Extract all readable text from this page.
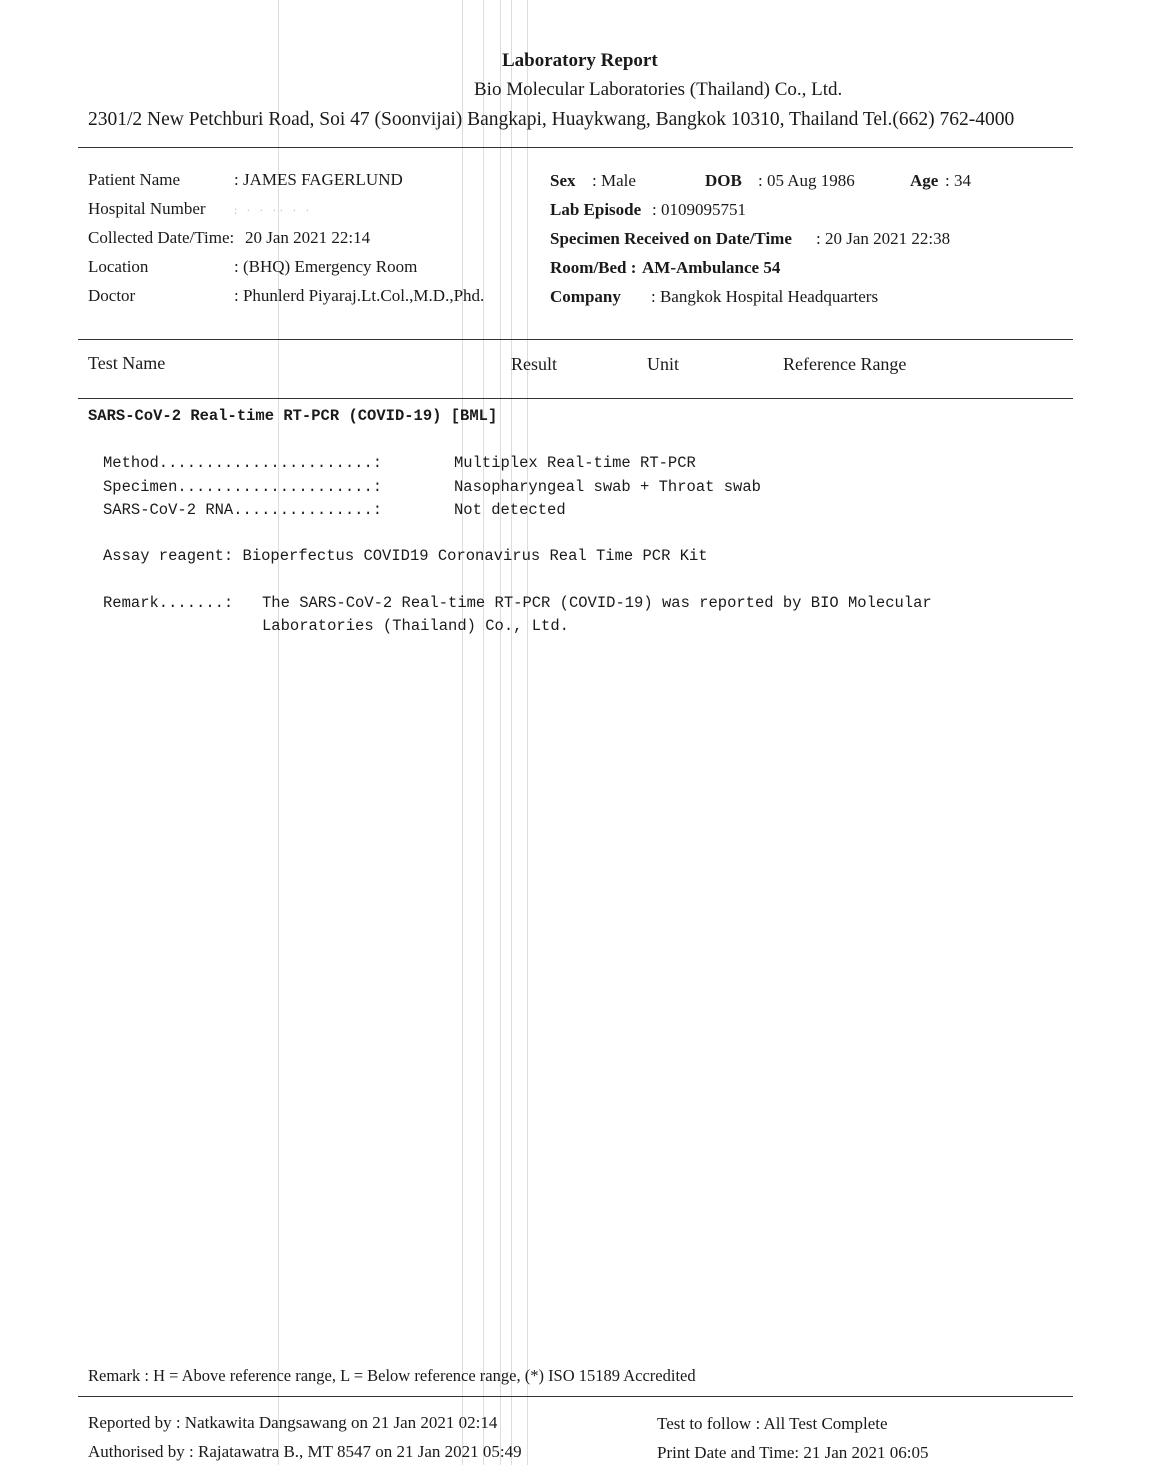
Laboratory Report
Bio Molecular Laboratories (Thailand) Co., Ltd.
2301/2 New Petchburi Road, Soi 47 (Soonvijai) Bangkapi, Huaykwang, Bangkok 10310, Thailand Tel.(662) 762-4000
Patient Name	: JAMES FAGERLUND
Hospital Number : · · ·· · ·
Collected Date/Time: 20 Jan 2021 22:14
Location	: (BHQ) Emergency Room
Doctor	: Phunlerd Piyaraj.Lt.Col.,M.D.,Phd.
Sex : Male	DOB : 05 Aug 1986	Age : 34
Lab Episode : 0109095751
Specimen Received on Date/Time : 20 Jan 2021 22:38
Room/Bed : AM-Ambulance 54
Company : Bangkok Hospital Headquarters
Test Name	Result	Unit	Reference Range
SARS-CoV-2 Real-time RT-PCR (COVID-19) [BML]
Method.......................:	Multiplex Real-time RT-PCR
Specimen.....................:	Nasopharyngeal swab + Throat swab
SARS-CoV-2 RNA...............:	Not detected
Assay reagent: Bioperfectus COVID19 Coronavirus Real Time PCR Kit
Remark.......: The SARS-CoV-2 Real-time RT-PCR (COVID-19) was reported by BIO Molecular
Laboratories (Thailand) Co., Ltd.
Remark : H = Above reference range, L = Below reference range, (*) ISO 15189 Accredited
Reported by : Natkawita Dangsawang on 21 Jan 2021 02:14
Authorised by : Rajatawatra B., MT 8547 on 21 Jan 2021 05:49
Test to follow : All Test Complete
Print Date and Time: 21 Jan 2021 06:05
